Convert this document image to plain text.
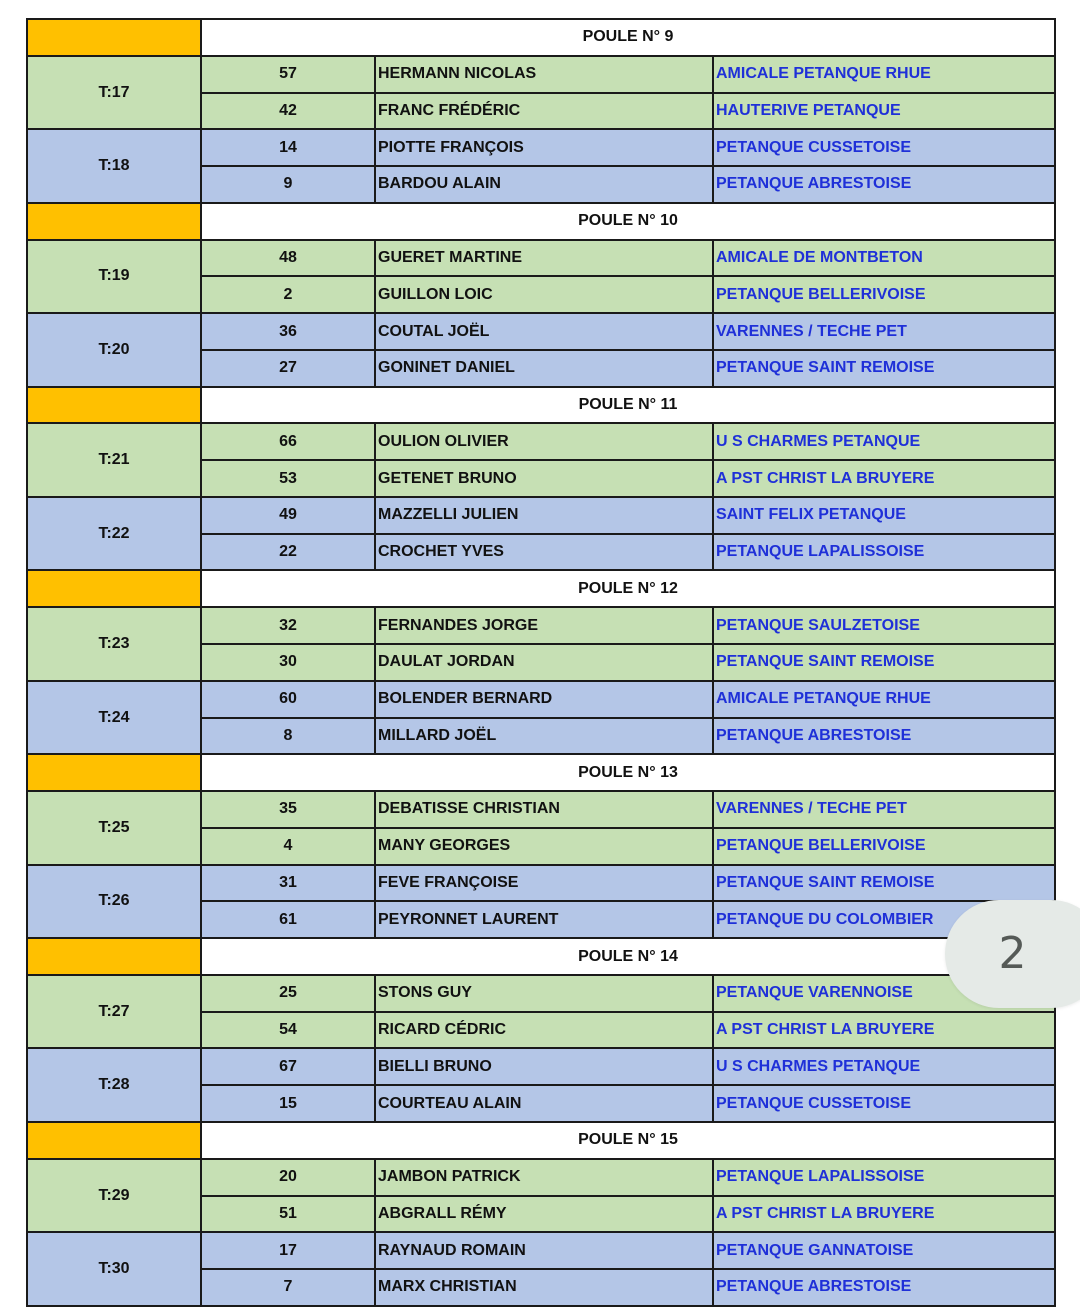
	POULE N° 9		
T:17	57	HERMANN NICOLAS	AMICALE PETANQUE RHUE
	42	FRANC FRÉDÉRIC	HAUTERIVE PETANQUE
T:18	14	PIOTTE FRANÇOIS	PETANQUE CUSSETOISE
	9	BARDOU ALAIN	PETANQUE ABRESTOISE
	POULE N° 10		
T:19	48	GUERET MARTINE	AMICALE DE MONTBETON
	2	GUILLON LOIC	PETANQUE BELLERIVOISE
T:20	36	COUTAL JOËL	VARENNES / TECHE PET
	27	GONINET DANIEL	PETANQUE SAINT REMOISE
	POULE N° 11		
T:21	66	OULION OLIVIER	U S CHARMES PETANQUE
	53	GETENET BRUNO	A PST CHRIST LA BRUYERE
T:22	49	MAZZELLI JULIEN	SAINT FELIX PETANQUE
	22	CROCHET YVES	PETANQUE LAPALISSOISE
	POULE N° 12		
T:23	32	FERNANDES JORGE	PETANQUE SAULZETOISE
	30	DAULAT JORDAN	PETANQUE SAINT REMOISE
T:24	60	BOLENDER BERNARD	AMICALE PETANQUE RHUE
	8	MILLARD JOËL	PETANQUE ABRESTOISE
	POULE N° 13		
T:25	35	DEBATISSE CHRISTIAN	VARENNES / TECHE PET
	4	MANY GEORGES	PETANQUE BELLERIVOISE
T:26	31	FEVE FRANÇOISE	PETANQUE SAINT REMOISE
	61	PEYRONNET LAURENT	PETANQUE DU COLOMBIER
	POULE N° 14		
T:27	25	STONS GUY	PETANQUE VARENNOISE
	54	RICARD CÉDRIC	A PST CHRIST LA BRUYERE
T:28	67	BIELLI BRUNO	U S CHARMES PETANQUE
	15	COURTEAU ALAIN	PETANQUE CUSSETOISE
	POULE N° 15		
T:29	20	JAMBON PATRICK	PETANQUE LAPALISSOISE
	51	ABGRALL RÉMY	A PST CHRIST LA BRUYERE
T:30	17	RAYNAUD ROMAIN	PETANQUE GANNATOISE
	7	MARX CHRISTIAN	PETANQUE ABRESTOISE
2
